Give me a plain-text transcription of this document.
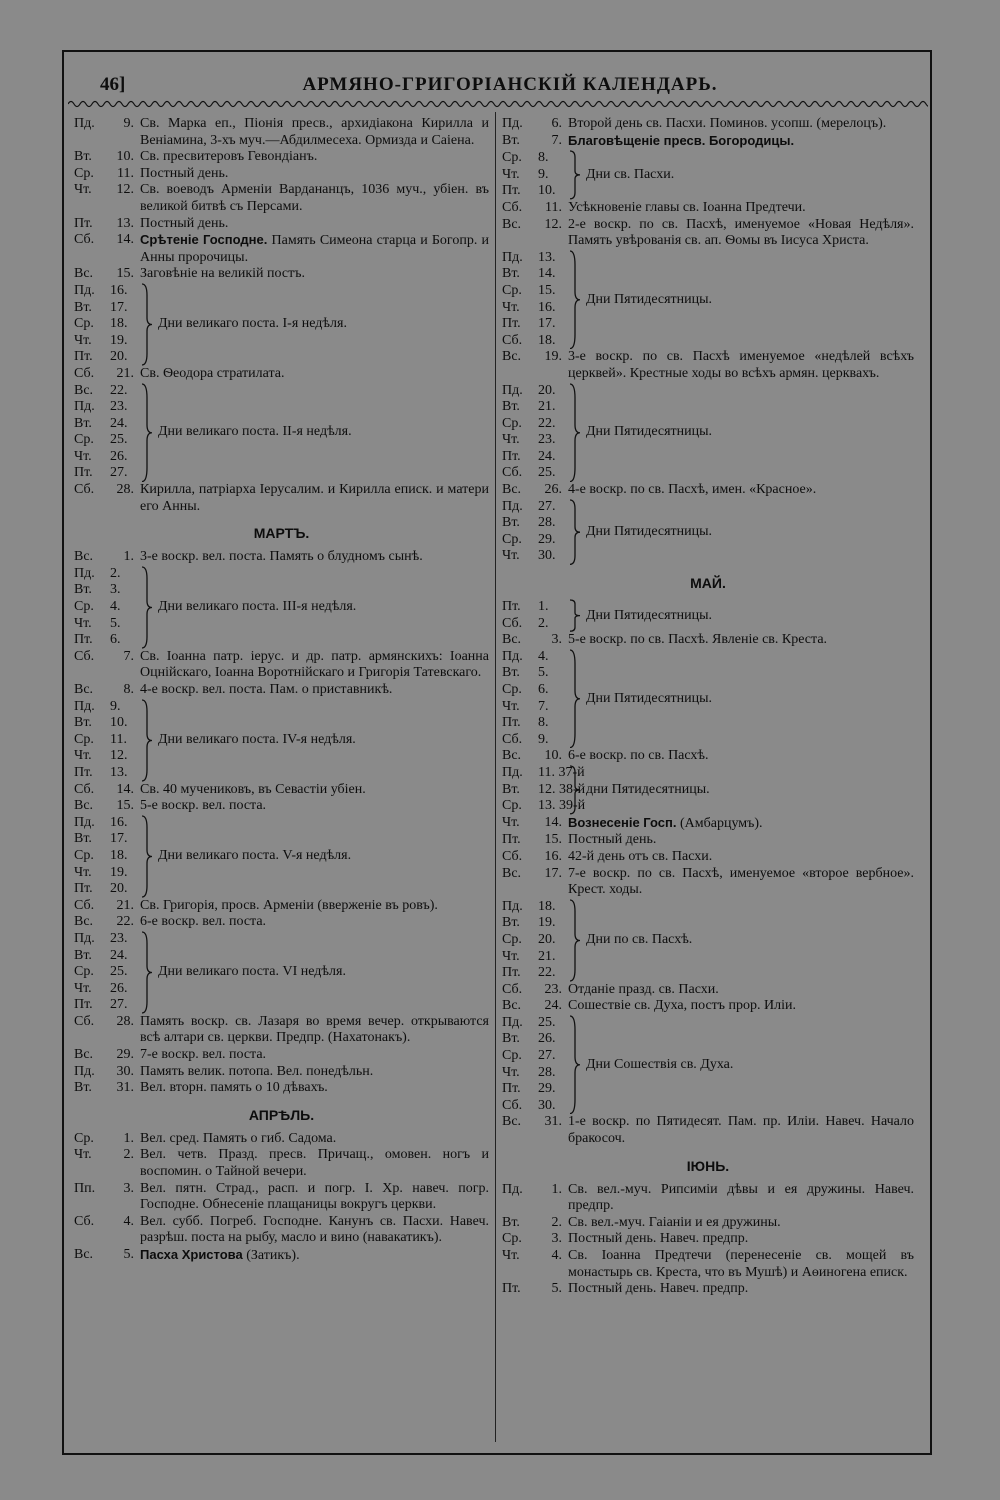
46]	АРМЯНО-ГРИГОРІАНСКІЙ КАЛЕНДАРЬ.
Пд.	9. Св. Марка еп., Піонія пресв., архидіакона Кирилла и Веніамина, 3-хъ муч.—Абдилмесеха. Ормизда и Саіена.
Вт.	10. Св. пресвитеровъ Гевондіанъ.
Ср.	11. Постный день.
Чт.	12. Св. воеводъ Арменіи Вардананцъ, 1036 муч., убіен. въ великой битвѣ съ Персами.
Пт.	13. Постный день.
Сб.	14. Срѣтеніе Господне. Память Симеона старца и Богопр. и Анны пророчицы.
Вс.	15. Заговѣніе на великій постъ.
Пд.	16.
Вт.	17.
Ср.	18.
Чт.	19.
Пт.	20.
Дни великаго поста. І-я недѣля.
Сб.	21. Св. Ѳеодора стратилата.
Вс.	22.
Пд.	23.
Вт.	24.
Ср.	25.
Чт.	26.
Пт.	27.
Дни великаго поста. ІІ-я недѣля.
Сб.	28. Кирилла, патріарха Іерусалим. и Кирилла еписк. и матери его Анны.
МАРТЪ.
Вс.	1. 3-е воскр. вел. поста. Память о блудномъ сынѣ.
Пд.	2.
Вт.	3.
Ср.	4.
Чт.	5.
Пт.	6.
Дни великаго поста. ІІІ-я недѣля.
Сб.	7. Св. Іоанна патр. іерус. и др. патр. армянскихъ: Іоанна Оцнійскаго, Іоанна Воротнійскаго и Григорія Татевскаго.
Вс.	8. 4-е воскр. вел. поста. Пам. о приставникѣ.
Пд.	9.
Вт.	10.
Ср.	11.
Чт.	12.
Пт.	13.
Дни великаго поста. ІV-я недѣля.
Сб.	14. Св. 40 мучениковъ, въ Севастіи убіен.
Вс.	15. 5-е воскр. вел. поста.
Пд.	16.
Вт.	17.
Ср.	18.
Чт.	19.
Пт.	20.
Дни великаго поста. V-я недѣля.
Сб.	21. Св. Григорія, просв. Арменіи (вверженіе въ ровъ).
Вс.	22. 6-е воскр. вел. поста.
Пд.	23.
Вт.	24.
Ср.	25.
Чт.	26.
Пт.	27.
Дни великаго поста. VI недѣля.
Сб.	28. Память воскр. св. Лазаря во время вечер. открываются всѣ алтари св. церкви. Предпр. (Нахатонакъ).
Вс.	29. 7-е воскр. вел. поста.
Пд.	30. Память велик. потопа. Вел. понедѣльн.
Вт.	31. Вел. вторн. память о 10 дѣвахъ.
АПРѢЛЬ.
Ср.	1. Вел. сред. Память о гиб. Садома.
Чт.	2. Вел. четв. Празд. пресв. Причащ., омовен. ногъ и воспомин. о Тайной вечери.
Пп.	3. Вел. пятн. Страд., расп. и погр. І. Хр. навеч. погр. Господне. Обнесеніе плащаницы вокругъ церкви.
Сб.	4. Вел. субб. Погреб. Господне. Канунъ св. Пасхи. Навеч. разрѣш. поста на рыбу, масло и вино (навакатикъ).
Вс.	5. Пасха Христова (Затикъ).
Пд.	6. Второй день св. Пасхи. Поминов. усопш. (мерелоцъ).
Вт.	7. Благовѣщеніе пресв. Богородицы.
Ср.	8.
Чт.	9.
Пт.	10.
Дни св. Пасхи.
Сб.	11. Усѣкновеніе главы св. Іоанна Предтечи.
Вс.	12. 2-е воскр. по св. Пасхѣ, именуемое «Новая Недѣля». Память увѣрованія св. ап. Ѳомы въ Іисуса Христа.
Пд.	13.
Вт.	14.
Ср.	15.
Чт.	16.
Пт.	17.
Сб.	18.
Дни Пятидесятницы.
Вс.	19. 3-е воскр. по св. Пасхѣ именуемое «недѣлей всѣхъ церквей». Крестные ходы во всѣхъ армян. церквахъ.
Пд.	20.
Вт.	21.
Ср.	22.
Чт.	23.
Пт.	24.
Сб.	25.
Дни Пятидесятницы.
Вс.	26. 4-е воскр. по св. Пасхѣ, имен. «Красное».
Пд.	27.
Вт.	28.
Ср.	29.
Чт.	30.
Дни Пятидесятницы.
МАЙ.
Пт.	1.
Сб.	2.
Дни Пятидесятницы.
Вс.	3. 5-е воскр. по св. Пасхѣ. Явленіе св. Креста.
Пд.	4.
Вт.	5.
Ср.	6.
Чт.	7.
Пт.	8.
Сб.	9.
Дни Пятидесятницы.
Вс.	10. 6-е воскр. по св. Пасхѣ.
Пд.	11. 37-й
Вт.	12. 38-й
Ср.	13. 39-й
дни Пятидесятницы.
Чт.	14. Вознесеніе Госп. (Амбарцумъ).
Пт.	15. Постный день.
Сб.	16. 42-й день отъ св. Пасхи.
Вс.	17. 7-е воскр. по св. Пасхѣ, именуемое «второе вербное». Крест. ходы.
Пд.	18.
Вт.	19.
Ср.	20.
Чт.	21.
Пт.	22.
Дни по св. Пасхѣ.
Сб.	23. Отданіе празд. св. Пасхи.
Вс.	24. Сошествіе св. Духа, постъ прор. Иліи.
Пд.	25.
Вт.	26.
Ср.	27.
Чт.	28.
Пт.	29.
Сб.	30.
Дни Сошествія св. Духа.
Вс.	31. 1-е воскр. по Пятидесят. Пам. пр. Иліи. Навеч. Начало бракосоч.
ІЮНЬ.
Пд.	1. Св. вел.-муч. Рипсиміи дѣвы и ея дружины. Навеч. предпр.
Вт.	2. Св. вел.-муч. Гаіаніи и ея дружины.
Ср.	3. Постный день. Навеч. предпр.
Чт.	4. Св. Іоанна Предтечи (перенесеніе св. мощей въ монастырь св. Креста, что въ Мушѣ) и Аѳиногена еписк.
Пт.	5. Постный день. Навеч. предпр.
